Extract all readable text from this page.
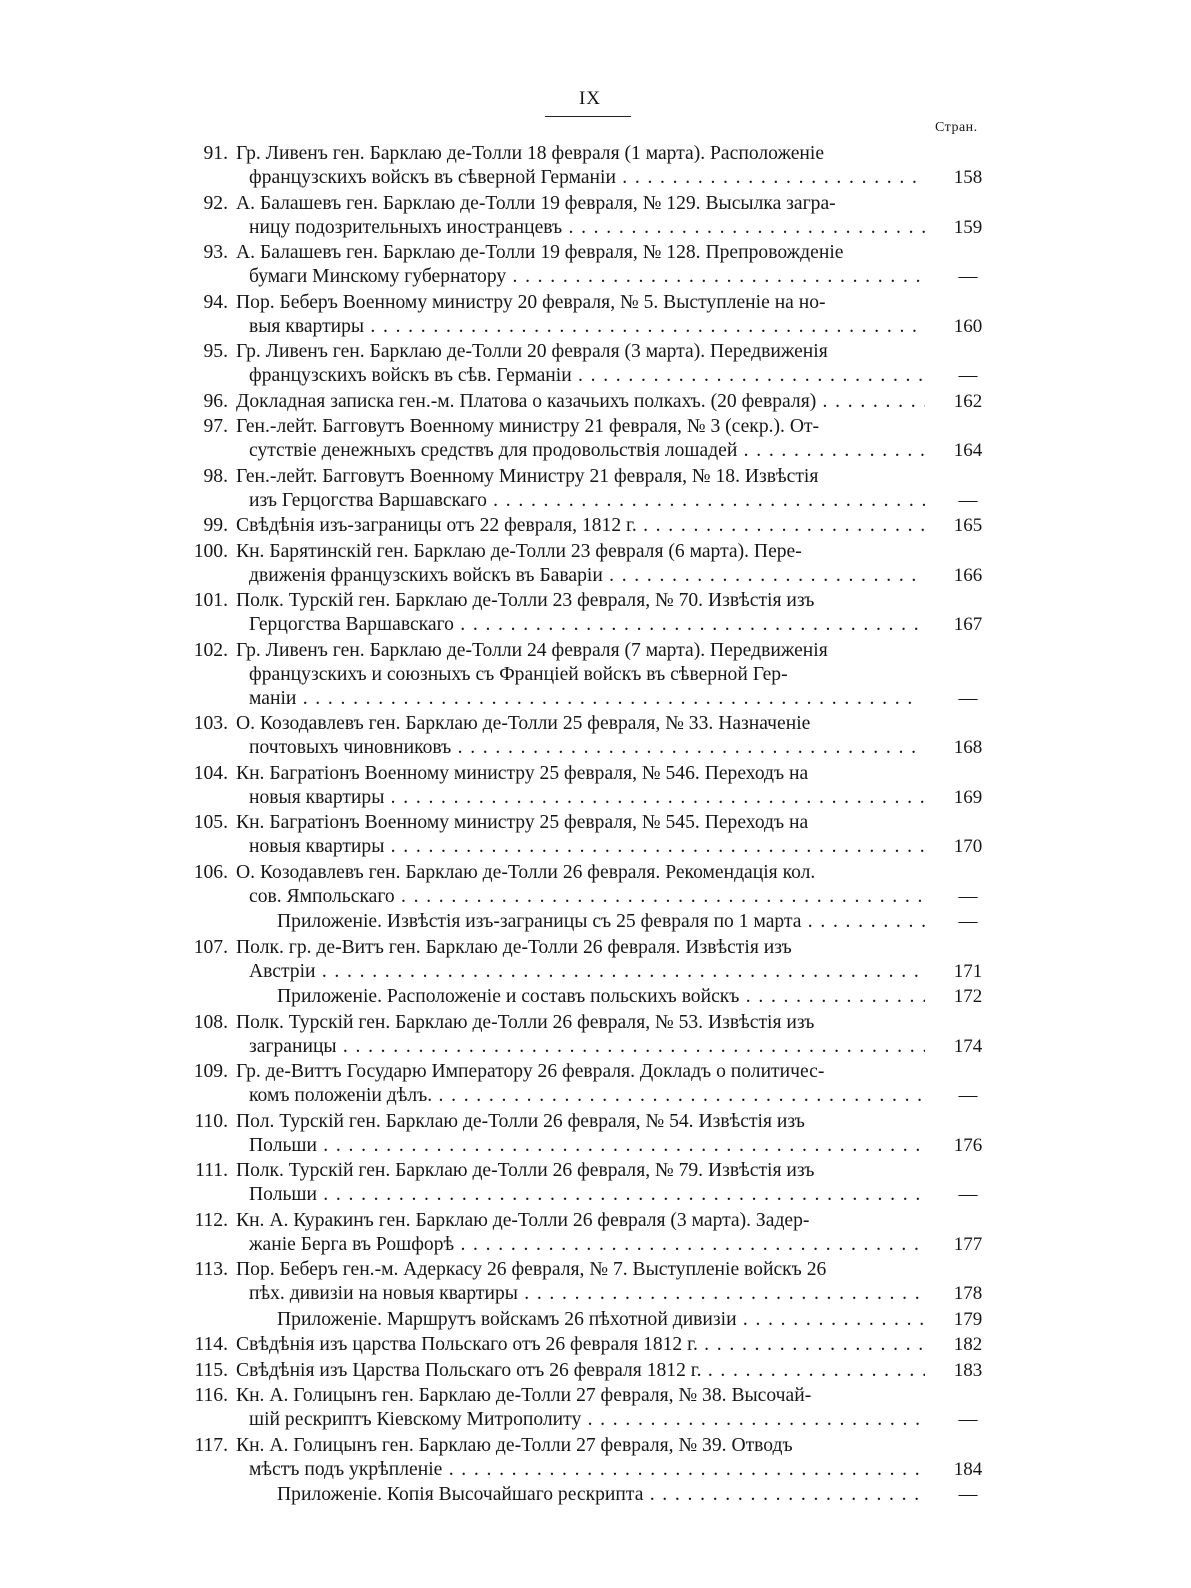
IX
Стран.
91. Гр. Ливенъ ген. Барклаю де-Толли 18 февраля (1 марта). Расположеніе
французскихъ войскъ въ сѣверной Германіи . . .	158
92. А. Балашевъ ген. Барклаю де-Толли 19 февраля, № 129. Высылка загра-
ницу подозрительныхъ иностранцевъ . . .	159
93. А. Балашевъ ген. Барклаю де-Толли 19 февраля, № 128. Препровожденіе
бумаги Минскому губернатору . . .	—
94. Пор. Беберъ Военному министру 20 февраля, № 5. Выступленіе на но-
выя квартиры . . .	160
95. Гр. Ливенъ ген. Барклаю де-Толли 20 февраля (3 марта). Передвиженія
французскихъ войскъ въ сѣв. Германіи . . .	—
96. Докладная записка ген.-м. Платова о казачьихъ полкахъ. (20 февраля) . . .	162
97. Ген.-лейт. Багговутъ Военному министру 21 февраля, № 3 (секр.). От-
сутствіе денежныхъ средствъ для продовольствія лошадей . . .	164
98. Ген.-лейт. Багговутъ Военному Министру 21 февраля, № 18. Извѣстія
изъ Герцогства Варшавскаго . . .	—
99. Свѣдѣнія изъ-заграницы отъ 22 февраля, 1812 г. . . .	165
100. Кн. Барятинскій ген. Барклаю де-Толли 23 февраля (6 марта). Пере-
движенія французскихъ войскъ въ Баваріи . . .	166
101. Полк. Турскій ген. Барклаю де-Толли 23 февраля, № 70. Извѣстія изъ
Герцогства Варшавскаго . . .	167
102. Гр. Ливенъ ген. Барклаю де-Толли 24 февраля (7 марта). Передвиженія
французскихъ и союзныхъ съ Франціей войскъ въ сѣверной Гер-
маніи . . .	—
103. О. Козодавлевъ ген. Барклаю де-Толли 25 февраля, № 33. Назначеніе
почтовыхъ чиновниковъ . . .	168
104. Кн. Багратіонъ Военному министру 25 февраля, № 546. Переходъ на
новыя квартиры . . .	169
105. Кн. Багратіонъ Военному министру 25 февраля, № 545. Переходъ на
новыя квартиры . . .	170
106. О. Козодавлевъ ген. Барклаю де-Толли 26 февраля. Рекомендація кол.
сов. Ямпольскаго . . .	—
Приложеніе. Извѣстія изъ-заграницы съ 25 февраля по 1 марта . . .	—
107. Полк. гр. де-Витъ ген. Барклаю де-Толли 26 февраля. Извѣстія изъ
Австріи . . .	171
Приложеніе. Расположеніе и составъ польскихъ войскъ . . .	172
108. Полк. Турскій ген. Барклаю де-Толли 26 февраля, № 53. Извѣстія изъ
заграницы . . .	174
109. Гр. де-Виттъ Государю Императору 26 февраля. Докладъ о политичес-
комъ положеніи дѣлъ. . . .	—
110. Пол. Турскій ген. Барклаю де-Толли 26 февраля, № 54. Извѣстія изъ
Польши . . .	176
111. Полк. Турскій ген. Барклаю де-Толли 26 февраля, № 79. Извѣстія изъ
Польши . . .	—
112. Кн. А. Куракинъ ген. Барклаю де-Толли 26 февраля (3 марта). Задер-
жаніе Берга въ Рошфорѣ . . .	177
113. Пор. Беберъ ген.-м. Адеркасу 26 февраля, № 7. Выступленіе войскъ 26
пѣх. дивизіи на новыя квартиры . . .	178
Приложеніе. Маршрутъ войскамъ 26 пѣхотной дивизіи . . .	179
114. Свѣдѣнія изъ царства Польскаго отъ 26 февраля 1812 г. . . .	182
115. Свѣдѣнія изъ Царства Польскаго отъ 26 февраля 1812 г. . . .	183
116. Кн. А. Голицынъ ген. Барклаю де-Толли 27 февраля, № 38. Высочай-
шій рескриптъ Кіевскому Митрополиту . . .	—
117. Кн. А. Голицынъ ген. Барклаю де-Толли 27 февраля, № 39. Отводъ
мѣстъ подъ укрѣпленіе . . .	184
Приложеніе. Копія Высочайшаго рескрипта . . .	—
